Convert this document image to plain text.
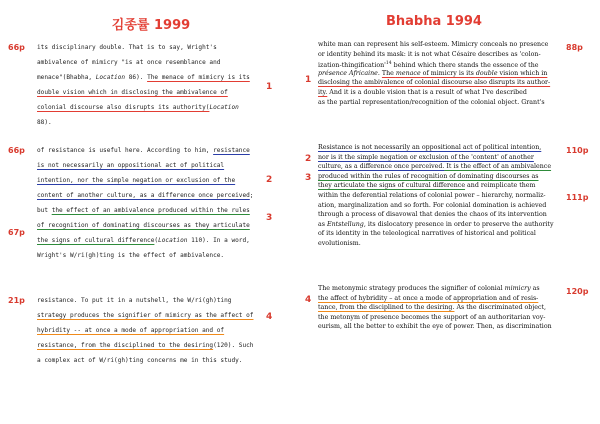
김종률 1999	Bhabha 1994
66p
66p
67p
21p
88p
110p
111p
120p
1
2
3
4
1
2
3
4
its disciplinary double. That is to say, Wright's
ambivalence of mimicry "is at once resemblance and
menace"(Bhabha, Location 86). The menace of mimicry is its
double vision which in disclosing the ambivalence of
colonial discourse also disrupts its authority(Location
88).
of resistance is useful here. According to him, resistance
is not necessarily an oppositional act of political
intention, nor the simple negation or exclusion of the
content of another culture, as a difference once perceived;
but the effect of an ambivalence produced within the rules
of recognition of dominating discourses as they articulate
the signs of cultural difference(Location 110). In a word,
Wright's W/ri(gh)ting is the effect of ambivalence.
resistance. To put it in a nutshell, the W/ri(gh)ting
strategy produces the signifier of mimicry as the affect of
hybridity -- at once a mode of appropriation and of
resistance, from the disciplined to the desiring(120). Such
a complex act of W/ri(gh)ting concerns me in this study.
white man can represent his self-esteem. Mimicry conceals no presence
or identity behind its mask: it is not what Césaire describes as 'colon-
ization-$thingification'^{14}$ behind which there stands the essence of the
présence Africaine. The menace of mimicry is its double vision which in
disclosing the ambivalence of colonial discourse also disrupts its author-
ity. And it is a double vision that is a result of what I've described
as the partial representation/recognition of the colonial object. Grant's
Resistance is not necessarily an oppositional act of political intention,
nor is it the simple negation or exclusion of the 'content' of another
culture, as a difference once perceived. It is the effect of an ambivalence
produced within the rules of recognition of dominating discourses as
they articulate the signs of cultural difference and reimplicate them
within the deferential relations of colonial power – hierarchy, normaliz-
ation, marginalization and so forth. For colonial domination is achieved
through a process of disavowal that denies the chaos of its intervention
as Entstellung, its dislocatory presence in order to preserve the authority
of its identity in the teleological narratives of historical and political
evolutionism.
The metonymic strategy produces the signifier of colonial mimicry as
the affect of hybridity – at once a mode of appropriation and of resis-
tance, from the disciplined to the desiring. As the discriminated object,
the metonym of presence becomes the support of an authoritarian voy-
eurism, all the better to exhibit the eye of power. Then, as discrimination
